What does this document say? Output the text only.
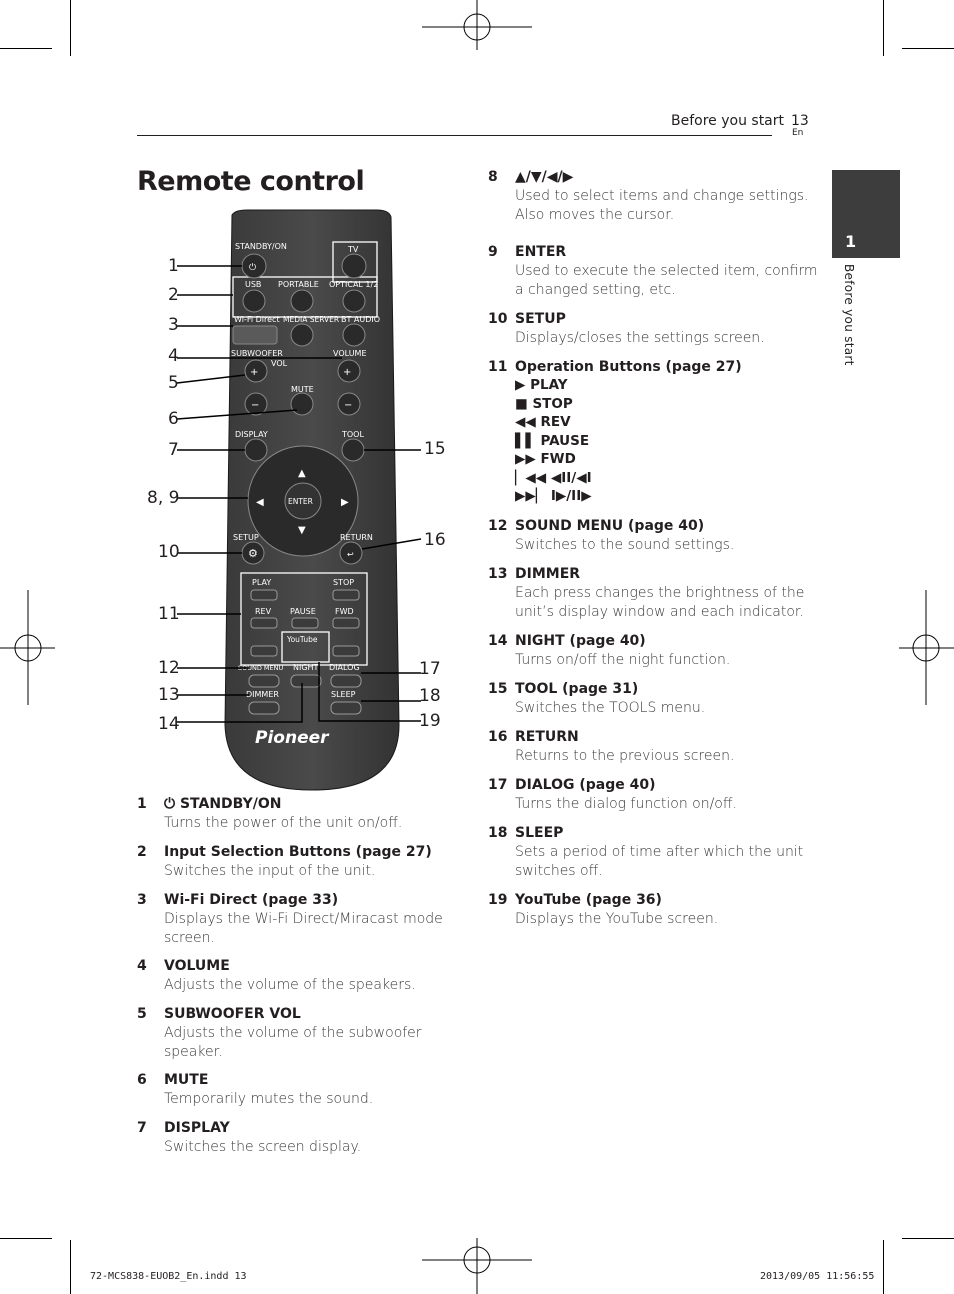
Before you start 13
En
Remote control
1
Before you start
STANDBY/ON	TV
USB PORTABLE OPTICAL 1/2
Wi-Fi Direct MEDIA SERVER BT AUDIO
SUBWOOFER
VOL
VOLUME
MUTE
DISPLAY	TOOL
ENTER
SETUP	RETURN
PLAY	STOP
REV PAUSE FWD
YouTube
SOUND MENU NIGHT DIALOG
DIMMER	SLEEP
Pioneer
▲
▼
◀	▶
+	+
−	−
⏻
⚙	↩
1
2
3
4
5
6
7
8, 9
10
11
12
13
14
15
16
17
18
19
1 ⏻ STANDBY/ON
Turns the power of the unit on/off.
2 Input Selection Buttons (page 27)
Switches the input of the unit.
3 Wi-Fi Direct (page 33)
Displays the Wi-Fi Direct/Miracast mode
screen.
4 VOLUME
Adjusts the volume of the speakers.
5 SUBWOOFER VOL
Adjusts the volume of the subwoofer
speaker.
6 MUTE
Temporarily mutes the sound.
7 DISPLAY
Switches the screen display.
8 ▲/▼/◀/▶
Used to select items and change settings.
Also moves the cursor.
9 ENTER
Used to execute the selected item, confirm
a changed setting, etc.
10 SETUP
Displays/closes the settings screen.
11 Operation Buttons (page 27)
▶ PLAY
■ STOP
◀◀ REV
▌▌ PAUSE
▶▶ FWD
▏◀◀ ◀II/◀I
▶▶▏ I▶/II▶
12 SOUND MENU (page 40)
Switches to the sound settings.
13 DIMMER
Each press changes the brightness of the
unit’s display window and each indicator.
14 NIGHT (page 40)
Turns on/off the night function.
15 TOOL (page 31)
Switches the TOOLS menu.
16 RETURN
Returns to the previous screen.
17 DIALOG (page 40)
Turns the dialog function on/off.
18 SLEEP
Sets a period of time after which the unit
switches off.
19 YouTube (page 36)
Displays the YouTube screen.
72-MCS838-EUOB2_En.indd 13	2013/09/05 11:56:55
